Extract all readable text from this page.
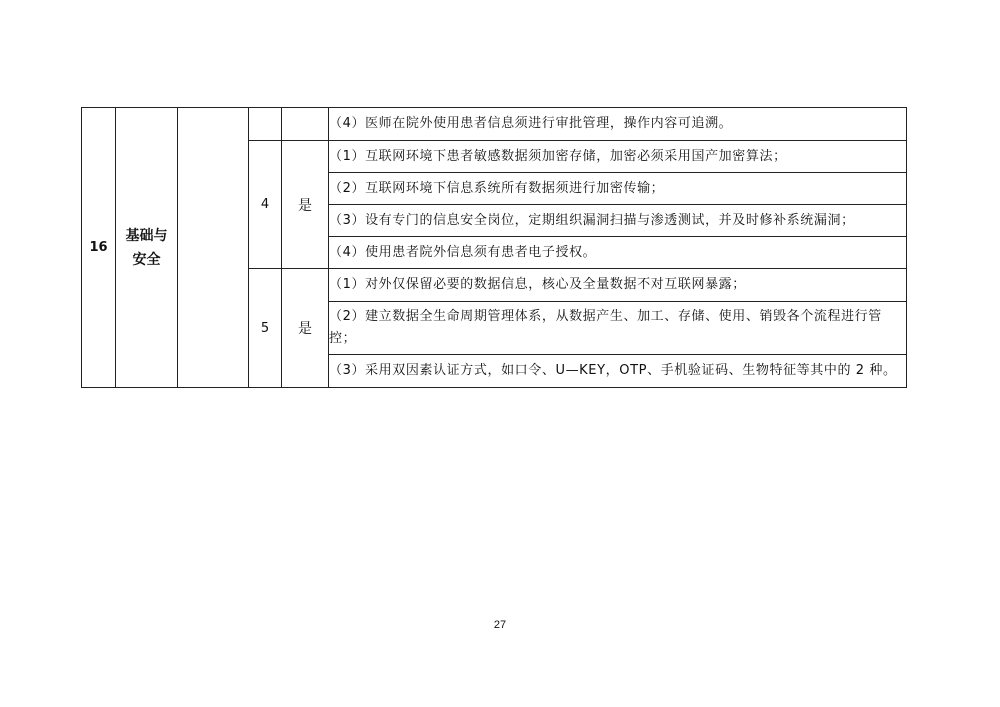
16	基础与
安全				（4）医师在院外使用患者信息须进行审批管理，操作内容可追溯。
			4	是	（1）互联网环境下患者敏感数据须加密存储，加密必须采用国产加密算法；
					（2）互联网环境下信息系统所有数据须进行加密传输；
					（3）设有专门的信息安全岗位，定期组织漏洞扫描与渗透测试，并及时修补系统漏洞；
					（4）使用患者院外信息须有患者电子授权。
			5	是	（1）对外仅保留必要的数据信息，核心及全量数据不对互联网暴露；
					（2）建立数据全生命周期管理体系，从数据产生、加工、存储、使用、销毁各个流程进行管控；
					（3）采用双因素认证方式，如口令、U—KEY，OTP、手机验证码、生物特征等其中的 2 种。
27
